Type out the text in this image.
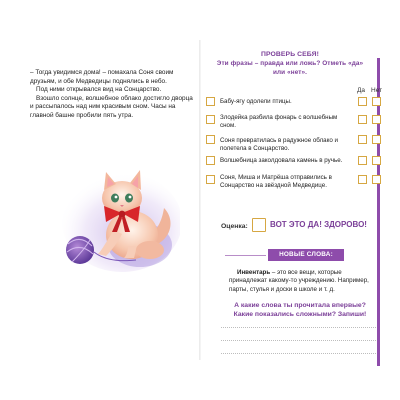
– Тогда увидимся дома! – помахала Соня своим друзьям, и обе Медведицы поднялись в небо.

Под ними открывался вид на Сонцарство.

Взошло солнце, волшебное облако достигло дворца и рассыпалось над ним красивым сном. Часы на главной башне пробили пять утра.

ПРОВЕРЬ СЕБЯ!
Эти фразы – правда или ложь? Отметь «да»
или «нет».
Да Нет
Бабу-ягу одолели птицы.
Злодейка разбила фонарь с волшебным сном.
Соня превратилась в радужное облако и полетела в Сонцарство.
Волшебница заколдовала камень в ручье.
Соня, Миша и Матрёша отправились в Сонцарство на звёздной Медведице.
Оценка:	ВОТ ЭТО ДА! ЗДОРОВО!
НОВЫЕ СЛОВА:
Инвентарь – это все вещи, которые принадлежат какому-то учреждению. Например, парты, стулья и доски в школе и т. д.
А какие слова ты прочитала впервые?
Какие показались сложными? Запиши!
